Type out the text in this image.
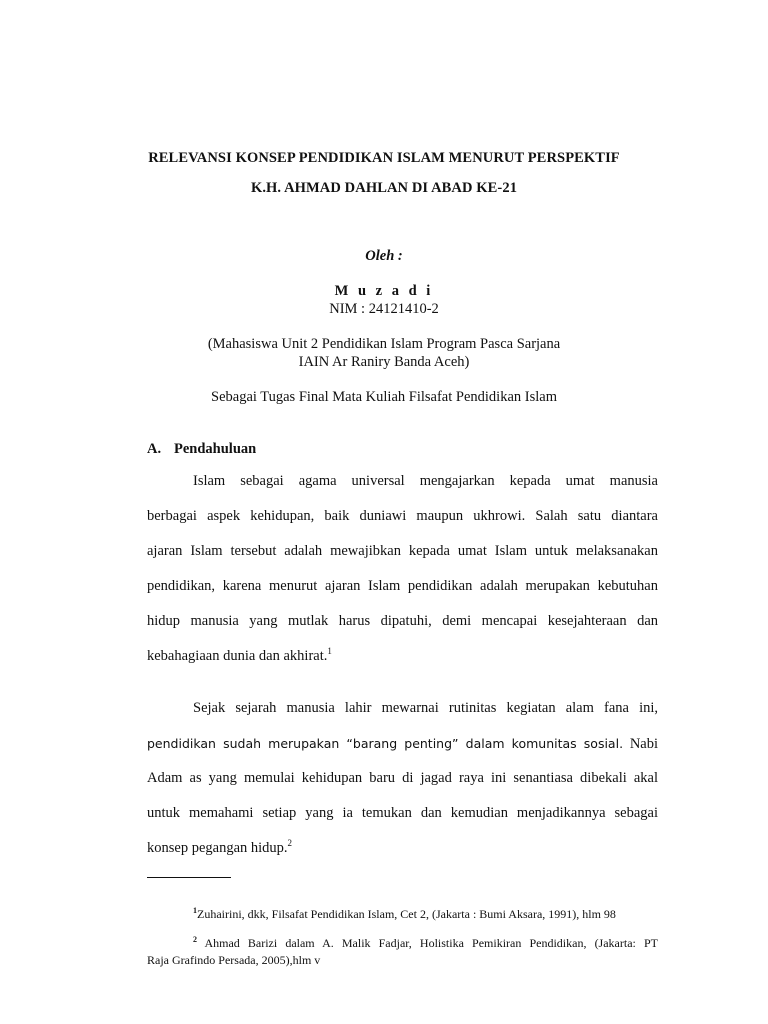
RELEVANSI KONSEP PENDIDIKAN ISLAM MENURUT PERSPEKTIF
K.H. AHMAD DAHLAN DI ABAD KE-21
Oleh :
M u z a d i
NIM : 24121410-2
(Mahasiswa Unit 2 Pendidikan Islam Program Pasca Sarjana
IAIN Ar Raniry Banda Aceh)
Sebagai Tugas Final Mata Kuliah Filsafat Pendidikan Islam
A. Pendahuluan
Islam sebagai agama universal mengajarkan kepada umat manusia
berbagai aspek kehidupan, baik duniawi maupun ukhrowi. Salah satu diantara
ajaran Islam tersebut adalah mewajibkan kepada umat Islam untuk melaksanakan
pendidikan, karena menurut ajaran Islam pendidikan adalah merupakan kebutuhan
hidup manusia yang mutlak harus dipatuhi, demi mencapai kesejahteraan dan
kebahagiaan dunia dan akhirat.$^1$
Sejak sejarah manusia lahir mewarnai rutinitas kegiatan alam fana ini,
pendidikan sudah merupakan “barang penting” dalam komunitas sosial. Nabi
Adam as yang memulai kehidupan baru di jagad raya ini senantiasa dibekali akal
untuk memahami setiap yang ia temukan dan kemudian menjadikannya sebagai
konsep pegangan hidup.$^2$
$^1$Zuhairini, dkk, Filsafat Pendidikan Islam, Cet 2, (Jakarta : Bumi Aksara, 1991), hlm 98
$^2$ Ahmad Barizi dalam A. Malik Fadjar, Holistika Pemikiran Pendidikan, (Jakarta: PT
Raja Grafindo Persada, 2005),hlm v
